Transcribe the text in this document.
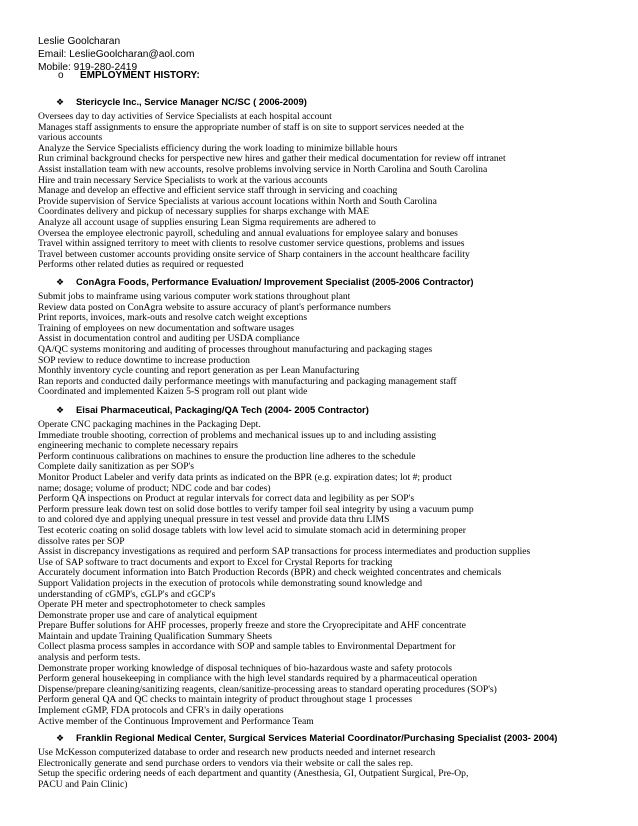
Leslie Goolcharan
Email: LeslieGoolcharan@aol.com
Mobile: 919-280-2419
o EMPLOYMENT HISTORY:
❖ Stericycle Inc., Service Manager NC/SC ( 2006-2009)
Oversees day to day activities of Service Specialists at each hospital account
Manages staff assignments to ensure the appropriate number of staff is on site to support services needed at the
various accounts
Analyze the Service Specialists efficiency during the work loading to minimize billable hours
Run criminal background checks for perspective new hires and gather their medical documentation for review off intranet
Assist installation team with new accounts, resolve problems involving service in North Carolina and South Carolina
Hire and train necessary Service Specialists to work at the various accounts
Manage and develop an effective and efficient service staff through in servicing and coaching
Provide supervision of Service Specialists at various account locations within North and South Carolina
Coordinates delivery and pickup of necessary supplies for sharps exchange with MAE
Analyze all account usage of supplies ensuring Lean Sigma requirements are adhered to
Oversea the employee electronic payroll, scheduling and annual evaluations for employee salary and bonuses
Travel within assigned territory to meet with clients to resolve customer service questions, problems and issues
Travel between customer accounts providing onsite service of Sharp containers in the account healthcare facility
Performs other related duties as required or requested
❖ ConAgra Foods, Performance Evaluation/ Improvement Specialist (2005-2006 Contractor)
Submit jobs to mainframe using various computer work stations throughout plant
Review data posted on ConAgra website to assure accuracy of plant's performance numbers
Print reports, invoices, mark-outs and resolve catch weight exceptions
Training of employees on new documentation and software usages
Assist in documentation control and auditing per USDA compliance
QA/QC systems monitoring and auditing of processes throughout manufacturing and packaging stages
SOP review to reduce downtime to increase production
Monthly inventory cycle counting and report generation as per Lean Manufacturing
Ran reports and conducted daily performance meetings with manufacturing and packaging management staff
Coordinated and implemented Kaizen 5-S program roll out plant wide
❖ Eisai Pharmaceutical, Packaging/QA Tech (2004- 2005 Contractor)
Operate CNC packaging machines in the Packaging Dept.
Immediate trouble shooting, correction of problems and mechanical issues up to and including assisting
engineering mechanic to complete necessary repairs
Perform continuous calibrations on machines to ensure the production line adheres to the schedule
Complete daily sanitization as per SOP's
Monitor Product Labeler and verify data prints as indicated on the BPR (e.g. expiration dates; lot #; product
name; dosage; volume of product; NDC code and bar codes)
Perform QA inspections on Product at regular intervals for correct data and legibility as per SOP's
Perform pressure leak down test on solid dose bottles to verify tamper foil seal integrity by using a vacuum pump
to and colored dye and applying unequal pressure in test vessel and provide data thru LIMS
Test ecoteric coating on solid dosage tablets with low level acid to simulate stomach acid in determining proper
dissolve rates per SOP
Assist in discrepancy investigations as required and perform SAP transactions for process intermediates and production supplies
Use of SAP software to tract documents and export to Excel for Crystal Reports for tracking
Accurately document information into Batch Production Records (BPR) and check weighted concentrates and chemicals
Support Validation projects in the execution of protocols while demonstrating sound knowledge and
understanding of cGMP's, cGLP's and cGCP's
Operate PH meter and spectrophotometer to check samples
Demonstrate proper use and care of analytical equipment
Prepare Buffer solutions for AHF processes, properly freeze and store the Cryoprecipitate and AHF concentrate
Maintain and update Training Qualification Summary Sheets
Collect plasma process samples in accordance with SOP and sample tables to Environmental Department for
analysis and perform tests.
Demonstrate proper working knowledge of disposal techniques of bio-hazardous waste and safety protocols
Perform general housekeeping in compliance with the high level standards required by a pharmaceutical operation
Dispense/prepare cleaning/sanitizing reagents, clean/sanitize-processing areas to standard operating procedures (SOP's)
Perform general QA and QC checks to maintain integrity of product throughout stage 1 processes
Implement cGMP, FDA protocols and CFR's in daily operations
Active member of the Continuous Improvement and Performance Team
❖ Franklin Regional Medical Center, Surgical Services Material Coordinator/Purchasing Specialist (2003- 2004)
Use McKesson computerized database to order and research new products needed and internet research
Electronically generate and send purchase orders to vendors via their website or call the sales rep.
Setup the specific ordering needs of each department and quantity (Anesthesia, GI, Outpatient Surgical, Pre-Op,
PACU and Pain Clinic)
